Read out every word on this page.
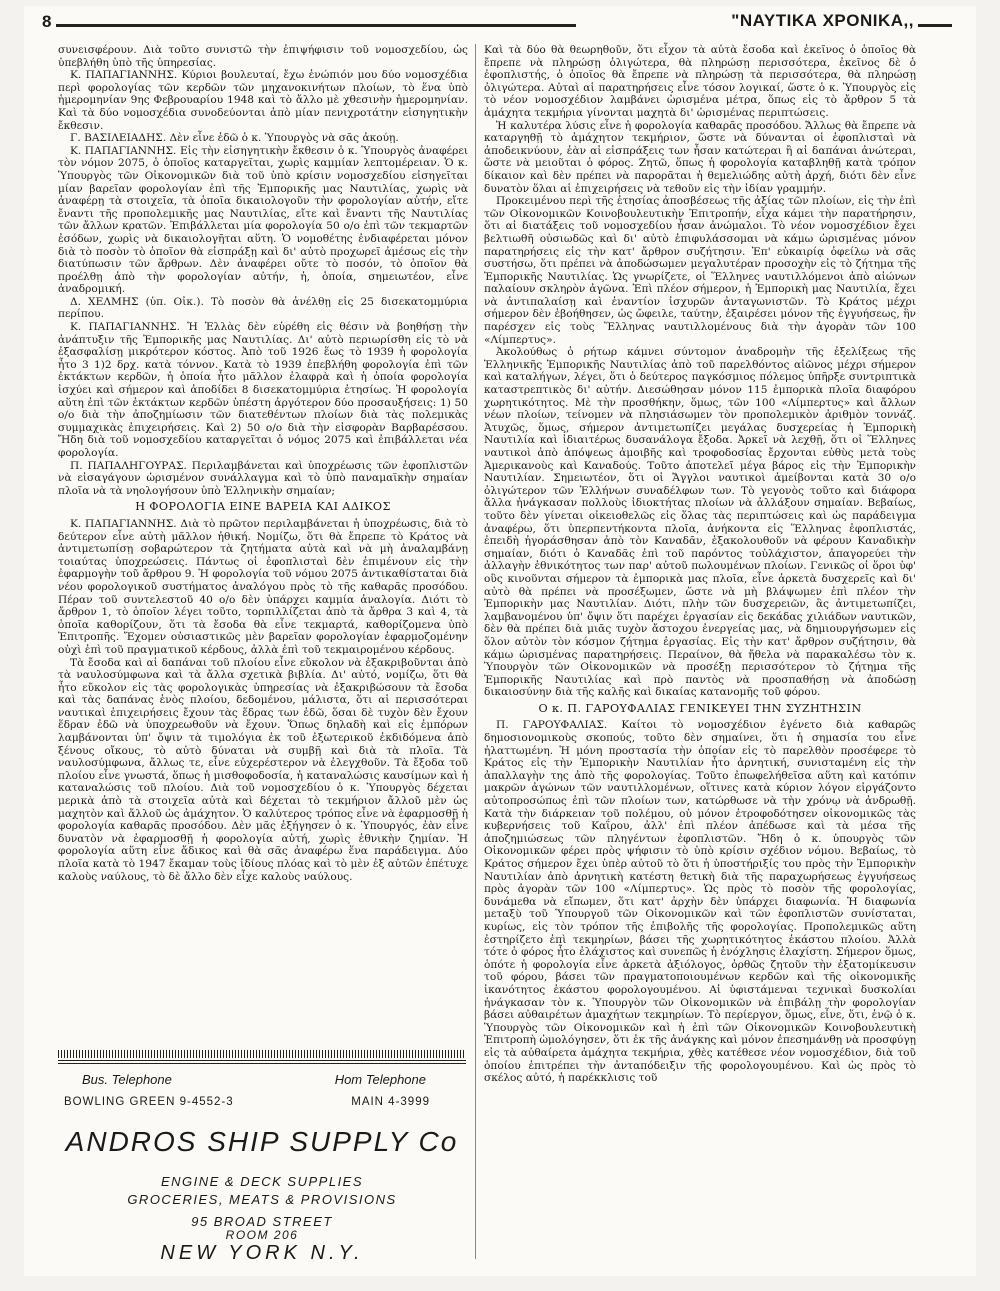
8	"ΝΑΥΤΙΚΑ ΧΡΟΝΙΚΑ,,

συνεισφέρουν. Διὰ τοῦτο συνιστῶ τὴν ἐπιψήφισιν τοῦ νομοσχεδίου, ὡς ὑπεβλήθη ὑπὸ τῆς ὑπηρεσίας.

Κ. ΠΑΠΑΓΙΑΝΝΗΣ. Κύριοι βουλευταί, ἔχω ἐνώπιόν μου δύο νομοσχέδια περὶ φορολογίας τῶν κερδῶν τῶν μηχανοκινήτων πλοίων, τὸ ἕνα ὑπὸ ἡμερομηνίαν 9ης Φεβρουαρίου 1948 καὶ τὸ ἄλλο μὲ χθεσινὴν ἡμερομηνίαν. Καὶ τὰ δύο νομοσχέδια συνοδεύονται ἀπὸ μίαν πενιχροτάτην εἰσηγητικὴν ἔκθεσιν.

Γ. ΒΑΣΙΛΕΙΑΔΗΣ. Δὲν εἶνε ἐδῶ ὁ κ. Ὑπουργὸς νὰ σᾶς ἀκούῃ.

Κ. ΠΑΠΑΓΙΑΝΝΗΣ. Εἰς τὴν εἰσηγητικὴν ἔκθεσιν ὁ κ. Ὑπουργὸς ἀναφέρει τὸν νόμον 2075, ὁ ὁποῖος καταργεῖται, χωρὶς καμμίαν λεπτομέρειαν. Ὁ κ. Ὑπουργὸς τῶν Οἰκονομικῶν διὰ τοῦ ὑπὸ κρίσιν νομοσχεδίου εἰσηγεῖται μίαν βαρεῖαν φορολογίαν ἐπὶ τῆς Ἐμπορικῆς μας Ναυτιλίας, χωρὶς νὰ ἀναφέρῃ τὰ στοιχεῖα, τὰ ὁποῖα δικαιολογοῦν τὴν φορολογίαν αὐτήν, εἴτε ἔναντι τῆς προπολεμικῆς μας Ναυτιλίας, εἴτε καὶ ἔναντι τῆς Ναυτιλίας τῶν ἄλλων κρατῶν. Ἐπιβάλλεται μία φορολογία 50 ο/ο ἐπὶ τῶν τεκμαρτῶν ἐσόδων, χωρὶς νὰ δικαιολογῆται αὕτη. Ὁ νομοθέτης ἐνδιαφέρεται μόνον διὰ τὸ ποσὸν τὸ ὁποῖον θὰ εἰσπράξῃ καὶ δι' αὐτὸ προχωρεῖ ἀμέσως εἰς τὴν διατύπωσιν τῶν ἄρθρων. Δὲν ἀναφέρει οὔτε τὸ ποσόν, τὸ ὁποῖον θὰ προέλθῃ ἀπὸ τὴν φορολογίαν αὐτήν, ἡ, ὁποία, σημειωτέον, εἶνε ἀναδρομική.

Δ. ΧΕΛΜΗΣ (ὑπ. Οἰκ.). Τὸ ποσὸν θὰ ἀνέλθῃ εἰς 25 δισεκατομμύρια περίπου.

Κ. ΠΑΠΑΓΙΑΝΝΗΣ. Ἡ Ἑλλὰς δὲν εὑρέθη εἰς θέσιν νὰ βοηθήσῃ τὴν ἀνάπτυξιν τῆς Ἐμπορικῆς μας Ναυτιλίας. Δι' αὐτὸ περιωρίσθη εἰς τὸ νὰ ἐξασφαλίσῃ μικρότερον κόστος. Ἀπὸ τοῦ 1926 ἕως τὸ 1939 ἡ φορολογία ἦτο 3 1)2 δρχ. κατὰ τόννον. Κατὰ τὸ 1939 ἐπεβλήθη φορολογία ἐπὶ τῶν ἐκτάκτων κερδῶν, ἡ ὁποία ἦτο μᾶλλον ἐλαφρὰ καὶ ἡ ὁποία φορολογία ἰσχύει καὶ σήμερον καὶ ἀποδίδει 8 δισεκατομμύρια ἐτησίως. Ἡ φορολογία αὕτη ἐπὶ τῶν ἐκτάκτων κερδῶν ὑπέστη ἀργότερον δύο προσαυξήσεις: 1) 50 ο/ο διὰ τὴν ἀποζημίωσιν τῶν διατεθέντων πλοίων διὰ τὰς πολεμικὰς συμμαχικὰς ἐπιχειρήσεις. Καὶ 2) 50 ο/ο διὰ τὴν εἰσφορὰν Βαρβαρέσσου. Ἤδη διὰ τοῦ νομοσχεδίου καταργεῖται ὁ νόμος 2075 καὶ ἐπιβάλλεται νέα φορολογία.

Π. ΠΑΠΑΛΗΓΟΥΡΑΣ. Περιλαμβάνεται καὶ ὑποχρέωσις τῶν ἐφοπλιστῶν νὰ εἰσαγάγουν ὡρισμένον συνάλλαγμα καὶ τὸ ὑπὸ παναμαϊκὴν σημαίαν πλοῖα νὰ τὰ νηολογήσουν ὑπὸ Ἑλληνικὴν σημαίαν;

Η ΦΟΡΟΛΟΓΙΑ ΕΙΝΕ ΒΑΡΕΙΑ ΚΑΙ ΑΔΙΚΟΣ

Κ. ΠΑΠΑΓΙΑΝΝΗΣ. Διὰ τὸ πρῶτον περιλαμβάνεται ἡ ὑποχρέωσις, διὰ τὸ δεύτερον εἶνε αὐτὴ μᾶλλον ἠθική. Νομίζω, ὅτι θὰ ἔπρεπε τὸ Κράτος νὰ ἀντιμετωπίσῃ σοβαρώτερον τὰ ζητήματα αὐτὰ καὶ νὰ μὴ ἀναλαμβάνῃ τοιαύτας ὑποχρεώσεις. Πάντως οἱ ἐφοπλισταὶ δὲν ἐπιμένουν εἰς τὴν ἐφαρμογὴν τοῦ ἄρθρου 9. Ἡ φορολογία τοῦ νόμου 2075 ἀντικαθίσταται διὰ νέου φορολογικοῦ συστήματος ἀναλόγου πρὸς τὸ τῆς καθαρᾶς προσόδου. Πέραν τοῦ συντελεστοῦ 40 ο/ο δὲν ὑπάρχει καμμία ἀναλογία. Διότι τὸ ἄρθρον 1, τὸ ὁποῖον λέγει τοῦτο, τορπιλλίζεται ἀπὸ τὰ ἄρθρα 3 καὶ 4, τὰ ὁποῖα καθορίζουν, ὅτι τὰ ἔσοδα θὰ εἶνε τεκμαρτά, καθορίζομενα ὑπὸ Ἐπιτροπῆς. Ἔχομεν οὐσιαστικῶς μὲν βαρεῖαν φορολογίαν ἐφαρμοζομένην οὐχὶ ἐπὶ τοῦ πραγματικοῦ κέρδους, ἀλλὰ ἐπὶ τοῦ τεκμαιρομένου κέρδους.

Τὰ ἔσοδα καὶ αἱ δαπάναι τοῦ πλοίου εἶνε εὔκολον νὰ ἐξακριβοῦνται ἀπὸ τὰ ναυλοσύμφωνα καὶ τὰ ἄλλα σχετικὰ βιβλία. Δι' αὐτό, νομίζω, ὅτι θὰ ἦτο εὔκολον εἰς τὰς φορολογικὰς ὑπηρεσίας νὰ ἐξακριβώσουν τὰ ἔσοδα καὶ τὰς δαπάνας ἑνὸς πλοίου, δεδομένου, μάλιστα, ὅτι αἱ περισσότεραι ναυτικαὶ ἐπιχειρήσεις ἔχουν τὰς ἕδρας των ἐδῶ, ὅσαι δὲ τυχὸν δὲν ἔχουν ἕδραν ἐδῶ νὰ ὑποχρεωθοῦν νὰ ἔχουν. Ὅπως δηλαδὴ καὶ εἰς ἐμπόρων λαμβάνονται ὑπ' ὄψιν τὰ τιμολόγια ἐκ τοῦ ἐξωτερικοῦ ἐκδιδόμενα ἀπὸ ξένους οἴκους, τὸ αὐτὸ δύναται νὰ συμβῇ καὶ διὰ τὰ πλοῖα. Τὰ ναυλοσύμφωνα, ἄλλως τε, εἶνε εὐχερέστερον νὰ ἐλεγχθοῦν. Τὰ ἔξοδα τοῦ πλοίου εἶνε γνωστά, ὅπως ἡ μισθοφοδοσία, ἡ καταναλώσις καυσίμων καὶ ἡ καταναλώσις τοῦ πλοίου. Διὰ τοῦ νομοσχεδίου ὁ κ. Ὑπουργὸς δέχεται μερικὰ ἀπὸ τὰ στοιχεῖα αὐτὰ καὶ δέχεται τὸ τεκμήριον ἄλλοῦ μὲν ὡς μαχητὸν καὶ ἄλλοῦ ὡς ἀμάχητον. Ὁ καλύτερος τρόπος εἶνε νὰ ἐφαρμοσθῇ ἡ φορολογία καθαρᾶς προσόδου. Δὲν μᾶς ἐξήγησεν ὁ κ. Ὑπουργός, ἐὰν εἶνε δυνατὸν νὰ ἐφαρμοσθῇ ἡ φορολογία αὐτή, χωρὶς ἐθνικὴν ζημίαν. Ἡ φορολογία αὕτη εἶνε ἄδικος καὶ θὰ σᾶς ἀναφέρω ἕνα παράδειγμα. Δύο πλοῖα κατὰ τὸ 1947 ἔκαμαν τοὺς ἰδίους πλόας καὶ τὸ μὲν ἐξ αὐτῶν ἐπέτυχε καλοὺς ναύλους, τὸ δὲ ἄλλο δὲν εἶχε καλοὺς ναύλους.

Καὶ τὰ δύο θὰ θεωρηθοῦν, ὅτι εἶχον τὰ αὐτὰ ἔσοδα καὶ ἐκεῖνος ὁ ὁποῖος θὰ ἔπρεπε νὰ πληρώσῃ ὀλιγώτερα, θὰ πληρώσῃ περισσότερα, ἐκεῖνος δὲ ὁ ἐφοπλιστής, ὁ ὁποῖος θὰ ἔπρεπε νὰ πληρώσῃ τὰ περισσότερα, θὰ πληρώσῃ ὀλιγώτερα. Αὐταὶ αἱ παρατηρήσεις εἶνε τόσον λογικαί, ὥστε ὁ κ. Ὑπουργὸς εἰς τὸ νέον νομοσχέδιον λαμβάνει ὡρισμένα μέτρα, ὅπως εἰς τὸ ἄρθρον 5 τὰ ἀμάχητα τεκμήρια γίνονται μαχητὰ δι' ὡρισμένας περιπτώσεις.

Ἡ καλυτέρα λύσις εἶνε ἡ φορολογία καθαρᾶς προσόδου. Ἄλλως θὰ ἔπρεπε νὰ καταργηθῇ τὸ ἀμάχητον τεκμήριον, ὥστε νὰ δύνανται οἱ ἐφοπλισταὶ νὰ ἀποδεικνύουν, ἐὰν αἱ εἰσπράξεις των ἦσαν κατώτεραι ἢ αἱ δαπάναι ἀνώτεραι, ὥστε νὰ μειοῦται ὁ φόρος. Ζητῶ, ὅπως ἡ φορολογία καταβληθῇ κατὰ τρόπον δίκαιον καὶ δὲν πρέπει νὰ παρορᾶται ἡ θεμελιώδης αὐτὴ ἀρχή, διότι δὲν εἶνε δυνατὸν ὅλαι αἱ ἐπιχειρήσεις νὰ τεθοῦν εἰς τὴν ἰδίαν γραμμήν.

Προκειμένου περὶ τῆς ἐτησίας ἀποσβέσεως τῆς ἀξίας τῶν πλοίων, εἰς τὴν ἐπὶ τῶν Οἰκονομικῶν Κοινοβουλευτικὴν Ἐπιτροπήν, εἶχα κάμει τὴν παρατήρησιν, ὅτι αἱ διατάξεις τοῦ νομοσχεδίου ἦσαν ἀνώμαλοι. Τὸ νέον νομοσχέδιον ἔχει βελτιωθῆ οὐσιωδῶς καὶ δι' αὐτὸ ἐπιφυλάσσομαι νὰ κάμω ὡρισμένας μόνον παρατηρήσεις εἰς τὴν κατ' ἄρθρον συζήτησιν. Ἐπ' εὐκαιρίᾳ ὀφείλω νὰ σᾶς συστήσω, ὅτι πρέπει νὰ ἀποδώσωμεν μεγαλυτέραν προσοχὴν εἰς τὸ ζήτημα τῆς Ἐμπορικῆς Ναυτιλίας. Ὡς γνωρίζετε, οἱ Ἕλληνες ναυτιλλόμενοι ἀπὸ αἰώνων παλαίουν σκληρὸν ἀγῶνα. Ἐπὶ πλέον σήμερον, ἡ Ἐμπορικὴ μας Ναυτιλία, ἔχει νὰ ἀντιπαλαίσῃ καὶ ἐναντίον ἰσχυρῶν ἀνταγωνιστῶν. Τὸ Κράτος μέχρι σήμερον δὲν ἐβοήθησεν, ὡς ὤφειλε, ταύτην, ἐξαιρέσει μόνον τῆς ἐγγυήσεως, ἣν παρέσχεν εἰς τοὺς Ἕλληνας ναυτιλλομένους διὰ τὴν ἀγορὰν τῶν 100 «Λίμπερτυς».

Ἀκολούθως ὁ ρήτωρ κάμνει σύντομον ἀναδρομὴν τῆς ἐξελίξεως τῆς Ἑλληνικῆς Ἐμπορικῆς Ναυτιλίας ἀπὸ τοῦ παρελθόντος αἰῶνος μέχρι σήμερον καὶ καταλήγων, λέγει, ὅτι ὁ δεύτερος παγκόσμιος πόλεμος ὑπῆρξε συντριπτικὰ καταστρεπτικὸς δι' αὐτήν. Διεσώθησαν μόνον 115 ἐμπορικὰ πλοῖα διαφόρου χωρητικότητος. Μὲ τὴν προσθήκην, ὅμως, τῶν 100 «Λίμπερτυς» καὶ ἄλλων νέων πλοίων, τείνομεν νὰ πλησιάσωμεν τὸν προπολεμικὸν ἀριθμὸν τοννάζ. Ἀτυχῶς, ὅμως, σήμερον ἀντιμετωπίζει μεγάλας δυσχερείας ἡ Ἐμπορικὴ Ναυτιλία καὶ ἰδιαιτέρως δυσανάλογα ἔξοδα. Ἀρκεῖ νὰ λεχθῇ, ὅτι οἱ Ἕλληνες ναυτικοὶ ἀπὸ ἀπόψεως ἀμοιβῆς καὶ τροφοδοσίας ἔρχονται εὐθὺς μετὰ τοὺς Ἀμερικανοὺς καὶ Καναδούς. Τοῦτο ἀποτελεῖ μέγα βάρος εἰς τὴν Ἐμπορικὴν Ναυτιλίαν. Σημειωτέον, ὅτι οἱ Ἄγγλοι ναυτικοὶ ἀμείβονται κατὰ 30 ο/ο ὀλιγώτερον τῶν Ἑλλήνων συναδέλφων των. Τὸ γεγονὸς τοῦτο καὶ διάφορα ἄλλα ἠνάγκασαν πολλοὺς ἰδιοκτήτας πλοίων νὰ ἀλλάξουν σημαίαν. Βεβαίως, τοῦτο δὲν γίνεται οἰκειοθελῶς εἰς ὅλας τὰς περιπτώσεις καὶ ὡς παράδειγμα ἀναφέρω, ὅτι ὑπερπεντήκοντα πλοῖα, ἀνήκοντα εἰς Ἕλληνας ἐφοπλιστάς, ἐπειδὴ ἠγοράσθησαν ἀπὸ τὸν Καναδᾶν, ἐξακολουθοῦν νὰ φέρουν Καναδικὴν σημαίαν, διότι ὁ Καναδᾶς ἐπὶ τοῦ παρόντος τοὐλάχιστον, ἀπαγορεύει τὴν ἀλλαγὴν ἐθνικότητος των παρ' αὐτοῦ πωλουμένων πλοίων. Γενικῶς οἱ ὅροι ὑφ' οὓς κινοῦνται σήμερον τὰ ἐμπορικὰ μας πλοῖα, εἶνε ἀρκετὰ δυσχερεῖς καὶ δι' αὐτὸ θὰ πρέπει νὰ προσέξωμεν, ὥστε νὰ μὴ βλάψωμεν ἐπὶ πλέον τὴν Ἐμπορικὴν μας Ναυτιλίαν. Διότι, πλὴν τῶν δυσχερειῶν, ἃς ἀντιμετωπίζει, λαμβανομένου ὑπ' ὄψιν ὅτι παρέχει ἐργασίαν εἰς δεκάδας χιλιάδων ναυτικῶν, δὲν θὰ πρέπει διὰ μιᾶς τυχὸν ἄστοχου ἐνεργείας μας, νὰ δημιουργήσωμεν εἰς ὅλον αὐτὸν τὸν κόσμον ζήτημα ἐργασίας. Εἰς τὴν κατ' ἄρθρον συζήτησιν, θὰ κάμω ὡρισμένας παρατηρήσεις. Περαίνον, θὰ ἤθελα νὰ παρακαλέσω τὸν κ. Ὑπουργὸν τῶν Οἰκονομικῶν νὰ προσέξῃ περισσότερον τὸ ζήτημα τῆς Ἐμπορικῆς Ναυτιλίας καὶ πρὸ παντὸς νὰ προσπαθήσῃ νὰ ἀποδώσῃ δικαιοσύνην διὰ τῆς καλῆς καὶ δικαίας κατανομῆς τοῦ φόρου.

Ο κ. Π. ΓΑΡΟΥΦΑΛΙΑΣ ΓΕΝΙΚΕΥΕΙ ΤΗΝ ΣΥΖΗΤΗΣΙΝ

Π. ΓΑΡΟΥΦΑΛΙΑΣ. Καίτοι τὸ νομοσχέδιον ἐγένετο διὰ καθαρῶς δημοσιονομικοὺς σκοπούς, τοῦτο δὲν σημαίνει, ὅτι ἡ σημασία του εἶνε ἠλαττωμένη. Ἡ μόνη προστασία τὴν ὁποίαν εἰς τὸ παρελθὸν προσέφερε τὸ Κράτος εἰς τὴν Ἐμπορικὴν Ναυτιλίαν ἦτο ἀρνητική, συνισταμένη εἰς τὴν ἀπαλλαγὴν της ἀπὸ τῆς φορολογίας. Τοῦτο ἐπωφελήθεῖσα αὕτη καὶ κατόπιν μακρῶν ἀγώνων τῶν ναυτιλλομένων, οἵτινες κατὰ κύριον λόγον εἰργάζοντο αὐτοπροσώπως ἐπὶ τῶν πλοίων των, κατώρθωσε νὰ τὴν χρόνῳ νὰ ἀνδρωθῇ. Κατὰ τὴν διάρκειαν τοῦ πολέμου, οὐ μόνον ἐτροφοδότησεν οἰκονομικῶς τὰς κυβερνήσεις τοῦ Καΐρου, ἀλλ' ἐπὶ πλέον ἀπέδωσε καὶ τὰ μέσα τῆς ἀποζημιώσεως τῶν πληγέντων ἐφοπλιστῶν. Ἤδη ὁ κ. ὑπουργὸς τῶν Οἰκονομικῶν φέρει πρὸς ψήφισιν τὸ ὑπὸ κρίσιν σχέδιον νόμου. Βεβαίως, τὸ Κράτος σήμερον ἔχει ὑπὲρ αὐτοῦ τὸ ὅτι ἡ ὑποστήριξίς του πρὸς τὴν Ἐμπορικὴν Ναυτιλίαν ἀπὸ ἀρνητικὴ κατέστη θετικὴ διὰ τῆς παραχωρήσεως ἐγγυήσεως πρὸς ἀγορὰν τῶν 100 «Λίμπερτυς». Ὡς πρὸς τὸ ποσὸν τῆς φορολογίας, δυνάμεθα νὰ εἴπωμεν, ὅτι κατ' ἀρχὴν δὲν ὑπάρχει διαφωνία. Ἡ διαφωνία μεταξὺ τοῦ Ὑπουργοῦ τῶν Οἰκονομικῶν καὶ τῶν ἐφοπλιστῶν συνίσταται, κυρίως, εἰς τὸν τρόπον τῆς ἐπιβολῆς τῆς φορολογίας. Προπολεμικῶς αὕτη ἐστηρίζετο ἐπὶ τεκμηρίων, βάσει τῆς χωρητικότητος ἑκάστου πλοίου. Ἀλλὰ τότε ὁ φόρος ἦτο ἐλάχιστος καὶ συνεπῶς ἡ ἐνόχλησις ἐλαχίστη. Σήμερον ὅμως, ὁπότε ἡ φορολογία εἶνε ἀρκετὰ ἀξιόλογος, ὀρθῶς ζητοῦν τὴν ἐξατομίκευσιν τοῦ φόρου, βάσει τῶν πραγματοποιουμένων κερδῶν καὶ τῆς οἰκονομικῆς ἱκανότητος ἑκάστου φορολογουμένου. Αἱ ὑφιστάμεναι τεχνικαὶ δυσκολίαι ἠνάγκασαν τὸν κ. Ὑπουργὸν τῶν Οἰκονομικῶν νὰ ἐπιβάλῃ τὴν φορολογίαν βάσει αὐθαιρέτων ἀμαχήτων τεκμηρίων. Τὸ περίεργον, ὅμως, εἶνε, ὅτι, ἐνῷ ὁ κ. Ὑπουργὸς τῶν Οἰκονομικῶν καὶ ἡ ἐπὶ τῶν Οἰκονομικῶν Κοινοβουλευτικὴ Ἐπιτροπὴ ὡμολόγησεν, ὅτι ἐκ τῆς ἀνάγκης καὶ μόνον ἐπεσημάνθῃ νὰ προσφύγῃ εἰς τὰ αὐθαίρετα ἀμάχητα τεκμήρια, χθὲς κατέθεσε νέον νομοσχέδιον, διὰ τοῦ ὁποίου ἐπιτρέπει τὴν ἀνταπόδειξιν τῆς φορολογουμένου. Καὶ ὡς πρὸς τὸ σκέλος αὐτό, ἡ παρέκκλισις τοῦ

Bus. Telephone	Hom Telephone
BOWLING GREEN 9-4552-3	MAIN 4-3999
ANDROS SHIP SUPPLY Co
ENGINE & DECK SUPPLIES
GROCERIES, MEATS & PROVISIONS
95 BROAD STREET
ROOM 206
NEW YORK N.Y.
